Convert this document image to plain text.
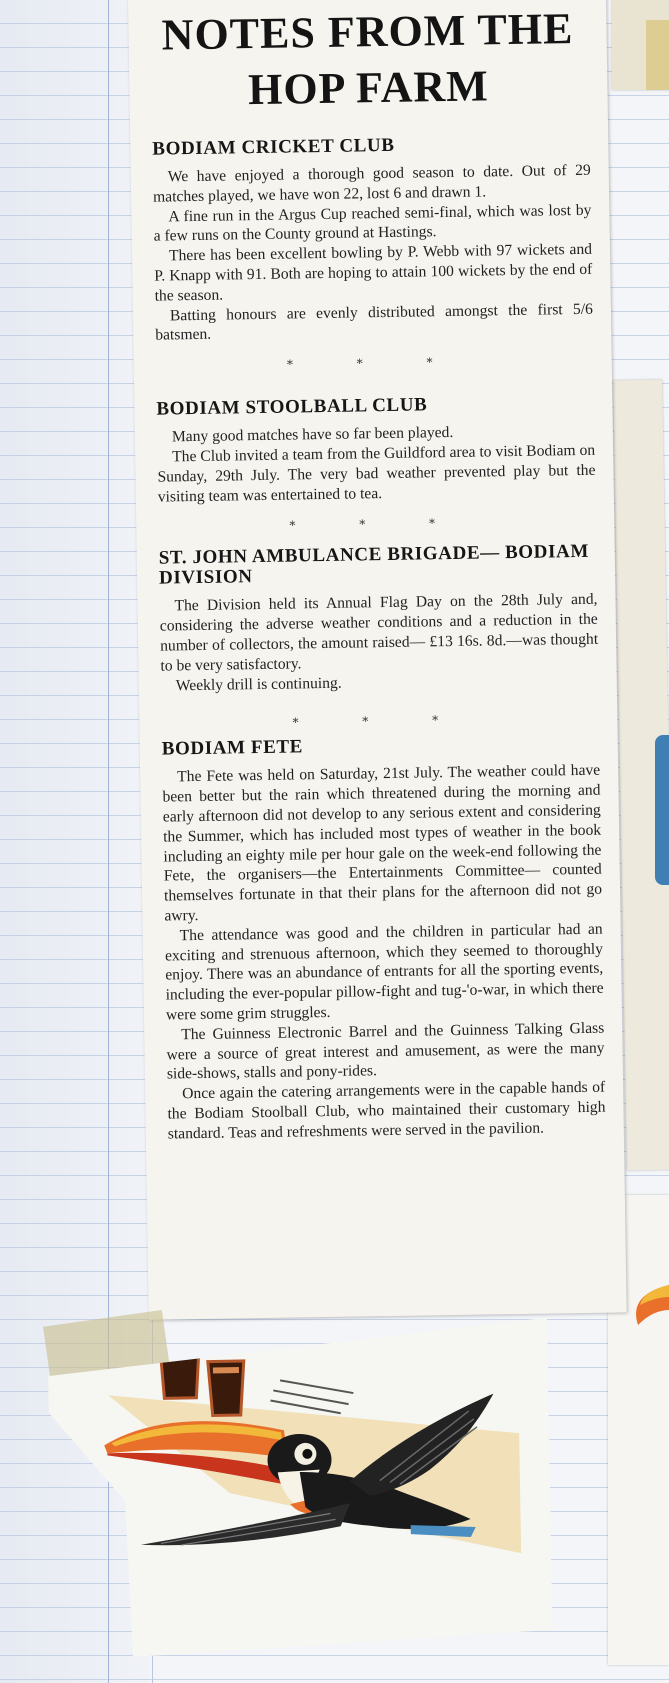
NOTES FROM THE
HOP FARM
BODIAM CRICKET CLUB

We have enjoyed a thorough good season to date. Out of 29 matches played, we have won 22, lost 6 and drawn 1.

A fine run in the Argus Cup reached semi-final, which was lost by a few runs on the County ground at Hastings.

There has been excellent bowling by P. Webb with 97 wickets and P. Knapp with 91. Both are hoping to attain 100 wickets by the end of the season.

Batting honours are evenly distributed amongst the first 5/6 batsmen.

* * *
BODIAM STOOLBALL CLUB

Many good matches have so far been played.

The Club invited a team from the Guildford area to visit Bodiam on Sunday, 29th July. The very bad weather prevented play but the visiting team was entertained to tea.

* * *
ST. JOHN AMBULANCE BRIGADE— BODIAM DIVISION

The Division held its Annual Flag Day on the 28th July and, considering the adverse weather conditions and a reduction in the number of collectors, the amount raised— £13 16s. 8d.—was thought to be very satisfactory.

Weekly drill is continuing.

* * *
BODIAM FETE

The Fete was held on Saturday, 21st July. The weather could have been better but the rain which threatened during the morning and early afternoon did not develop to any serious extent and considering the Summer, which has included most types of weather in the book including an eighty mile per hour gale on the week-end following the Fete, the organisers—the Entertainments Committee— counted themselves fortunate in that their plans for the afternoon did not go awry.

The attendance was good and the children in particular had an exciting and strenuous afternoon, which they seemed to thoroughly enjoy. There was an abundance of entrants for all the sporting events, including the ever-popular pillow-fight and tug-'o-war, in which there were some grim struggles.

The Guinness Electronic Barrel and the Guinness Talking Glass were a source of great interest and amusement, as were the many side-shows, stalls and pony-rides.

Once again the catering arrangements were in the capable hands of the Bodiam Stoolball Club, who maintained their customary high standard. Teas and refreshments were served in the pavilion.
